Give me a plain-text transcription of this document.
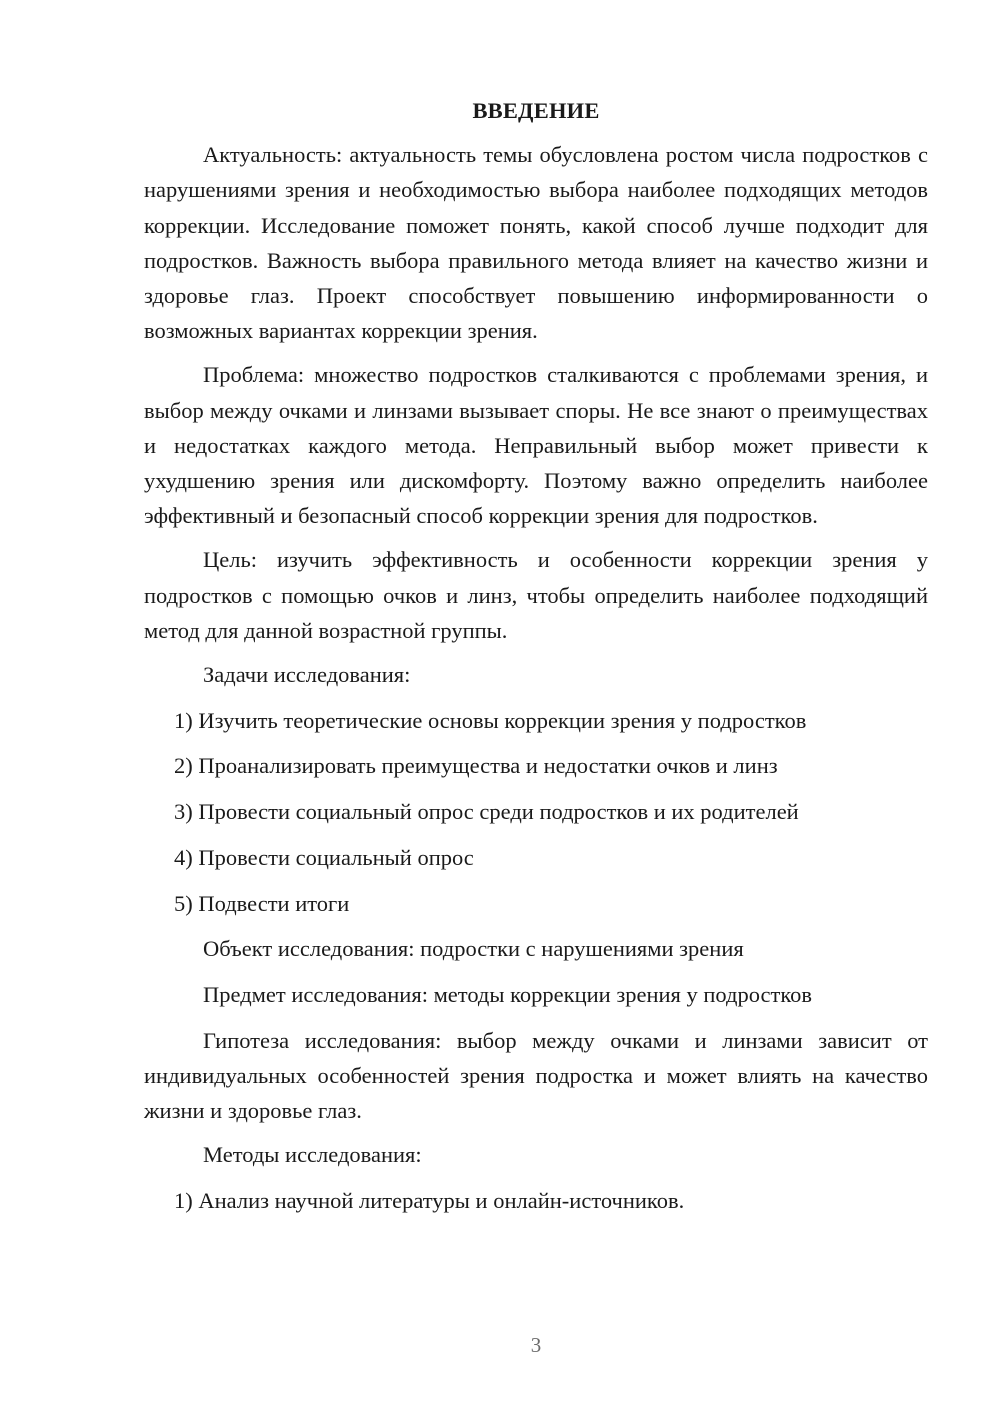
ВВЕДЕНИЕ

Актуальность: актуальность темы обусловлена ростом числа подростков с нарушениями зрения и необходимостью выбора наиболее подходящих методов коррекции. Исследование поможет понять, какой способ лучше подходит для подростков. Важность выбора правильного метода влияет на качество жизни и здоровье глаз. Проект способствует повышению информированности о возможных вариантах коррекции зрения.

Проблема: множество подростков сталкиваются с проблемами зрения, и выбор между очками и линзами вызывает споры. Не все знают о преимуществах и недостатках каждого метода. Неправильный выбор может привести к ухудшению зрения или дискомфорту. Поэтому важно определить наиболее эффективный и безопасный способ коррекции зрения для подростков.

Цель: изучить эффективность и особенности коррекции зрения у подростков с помощью очков и линз, чтобы определить наиболее подходящий метод для данной возрастной группы.

Задачи исследования:
1) Изучить теоретические основы коррекции зрения у подростков
2) Проанализировать преимущества и недостатки очков и линз
3) Провести социальный опрос среди подростков и их родителей
4) Провести социальный опрос
5) Подвести итоги
Объект исследования: подростки с нарушениями зрения
Предмет исследования: методы коррекции зрения у подростков

Гипотеза исследования: выбор между очками и линзами зависит от индивидуальных особенностей зрения подростка и может влиять на качество жизни и здоровье глаз.

Методы исследования:
1) Анализ научной литературы и онлайн-источников.
3
